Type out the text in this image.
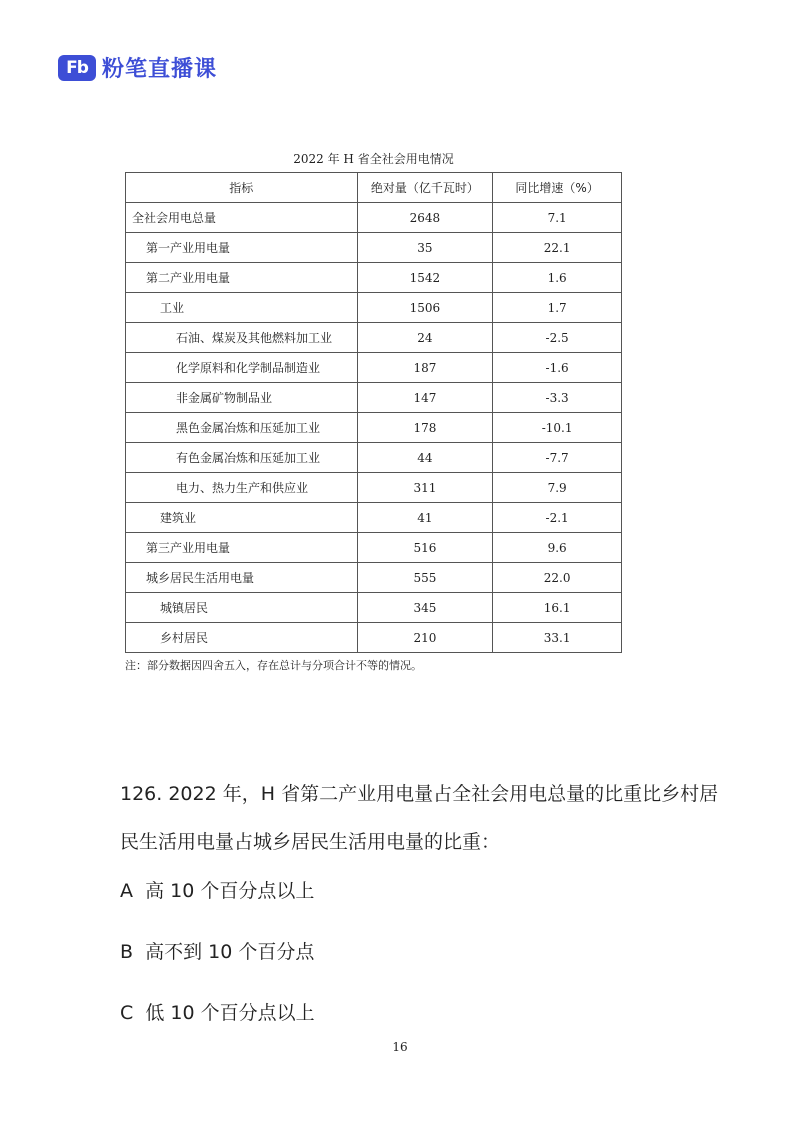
Fb 粉笔直播课
2022 年 H 省全社会用电情况
指标	绝对量（亿千瓦时）	同比增速（%）
全社会用电总量	2648	7.1
第一产业用电量	35	22.1
第二产业用电量	1542	1.6
工业	1506	1.7
石油、煤炭及其他燃料加工业	24	-2.5
化学原料和化学制品制造业	187	-1.6
非金属矿物制品业	147	-3.3
黑色金属冶炼和压延加工业	178	-10.1
有色金属冶炼和压延加工业	44	-7.7
电力、热力生产和供应业	311	7.9
建筑业	41	-2.1
第三产业用电量	516	9.6
城乡居民生活用电量	555	22.0
城镇居民	345	16.1
乡村居民	210	33.1
注：部分数据因四舍五入，存在总计与分项合计不等的情况。
126. 2022 年，H 省第二产业用电量占全社会用电总量的比重比乡村居民生活用电量占城乡居民生活用电量的比重：
A 高 10 个百分点以上
B 高不到 10 个百分点
C 低 10 个百分点以上
16
